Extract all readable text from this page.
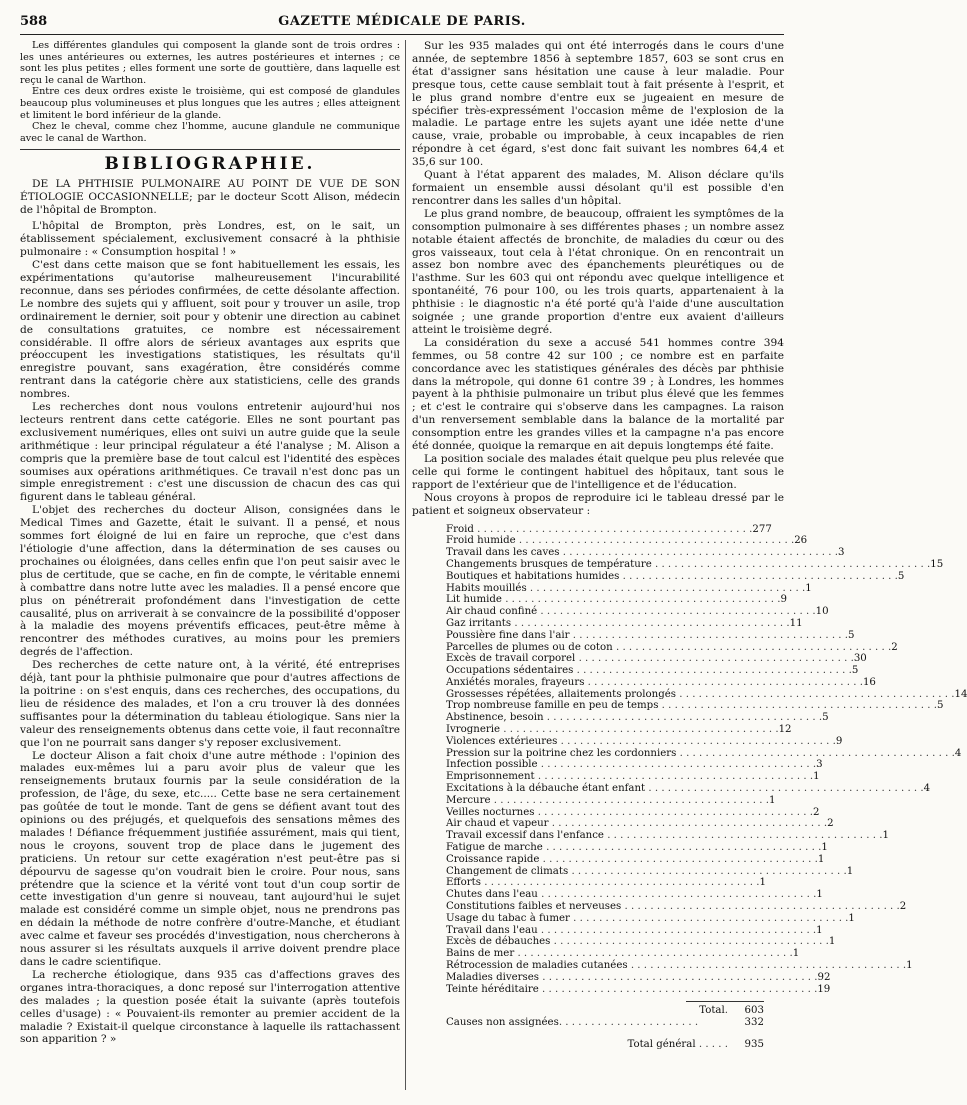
588	GAZETTE MÉDICALE DE PARIS.

Les différentes glandules qui composent la glande sont de trois ordres : les unes antérieures ou externes, les autres postérieures et internes ; ce sont les plus petites ; elles forment une sorte de gouttière, dans laquelle est reçu le canal de Warthon.

Entre ces deux ordres existe le troisième, qui est composé de glandules beaucoup plus volumineuses et plus longues que les autres ; elles atteignent et limitent le bord inférieur de la glande.

Chez le cheval, comme chez l'homme, aucune glandule ne communique avec le canal de Warthon.

BIBLIOGRAPHIE.
DE LA PHTHISIE PULMONAIRE AU POINT DE VUE DE SON ÉTIOLOGIE OCCASIONNELLE; par le docteur Scott Alison, médecin de l'hôpital de Brompton.

L'hôpital de Brompton, près Londres, est, on le sait, un établissement spécialement, exclusivement consacré à la phthisie pulmonaire : « Consumption hospital ! »

C'est dans cette maison que se font habituellement les essais, les expérimentations qu'autorise malheureusement l'incurabilité reconnue, dans ses périodes confirmées, de cette désolante affection. Le nombre des sujets qui y affluent, soit pour y trouver un asile, trop ordinairement le dernier, soit pour y obtenir une direction au cabinet de consultations gratuites, ce nombre est nécessairement considérable. Il offre alors de sérieux avantages aux esprits que préoccupent les investigations statistiques, les résultats qu'il enregistre pouvant, sans exagération, être considérés comme rentrant dans la catégorie chère aux statisticiens, celle des grands nombres.

Les recherches dont nous voulons entretenir aujourd'hui nos lecteurs rentrent dans cette catégorie. Elles ne sont pourtant pas exclusivement numériques, elles ont suivi un autre guide que la seule arithmétique : leur principal régulateur a été l'analyse ; M. Alison a compris que la première base de tout calcul est l'identité des espèces soumises aux opérations arithmétiques. Ce travail n'est donc pas un simple enregistrement : c'est une discussion de chacun des cas qui figurent dans le tableau général.

L'objet des recherches du docteur Alison, consignées dans le Medical Times and Gazette, était le suivant. Il a pensé, et nous sommes fort éloigné de lui en faire un reproche, que c'est dans l'étiologie d'une affection, dans la détermination de ses causes ou prochaines ou éloignées, dans celles enfin que l'on peut saisir avec le plus de certitude, que se cache, en fin de compte, le véritable ennemi à combattre dans notre lutte avec les maladies. Il a pensé encore que plus on pénétrerait profondément dans l'investigation de cette causalité, plus on arriverait à se convaincre de la possibilité d'opposer à la maladie des moyens préventifs efficaces, peut-être même à rencontrer des méthodes curatives, au moins pour les premiers degrés de l'affection.

Des recherches de cette nature ont, à la vérité, été entreprises déjà, tant pour la phthisie pulmonaire que pour d'autres affections de la poitrine : on s'est enquis, dans ces recherches, des occupations, du lieu de résidence des malades, et l'on a cru trouver là des données suffisantes pour la détermination du tableau étiologique. Sans nier la valeur des renseignements obtenus dans cette voie, il faut reconnaître que l'on ne pourrait sans danger s'y reposer exclusivement.

Le docteur Alison a fait choix d'une autre méthode : l'opinion des malades eux-mêmes lui a paru avoir plus de valeur que les renseignements brutaux fournis par la seule considération de la profession, de l'âge, du sexe, etc..... Cette base ne sera certainement pas goûtée de tout le monde. Tant de gens se défient avant tout des opinions ou des préjugés, et quelquefois des sensations mêmes des malades ! Défiance fréquemment justifiée assurément, mais qui tient, nous le croyons, souvent trop de place dans le jugement des praticiens. Un retour sur cette exagération n'est peut-être pas si dépourvu de sagesse qu'on voudrait bien le croire. Pour nous, sans prétendre que la science et la vérité vont tout d'un coup sortir de cette investigation d'un genre si nouveau, tant aujourd'hui le sujet malade est considéré comme un simple objet, nous ne prendrons pas en dédain la méthode de notre confrère d'outre-Manche, et étudiant avec calme et faveur ses procédés d'investigation, nous chercherons à nous assurer si les résultats auxquels il arrive doivent prendre place dans le cadre scientifique.

La recherche étiologique, dans 935 cas d'affections graves des organes intra-thoraciques, a donc reposé sur l'interrogation attentive des malades ; la question posée était la suivante (après toutefois celles d'usage) : « Pouvaient-ils remonter au premier accident de la maladie ? Existait-il quelque circonstance à laquelle ils rattachassent son apparition ? »

Sur les 935 malades qui ont été interrogés dans le cours d'une année, de septembre 1856 à septembre 1857, 603 se sont crus en état d'assigner sans hésitation une cause à leur maladie. Pour presque tous, cette cause semblait tout à fait présente à l'esprit, et le plus grand nombre d'entre eux se jugeaient en mesure de spécifier très-expressément l'occasion même de l'explosion de la maladie. Le partage entre les sujets ayant une idée nette d'une cause, vraie, probable ou improbable, à ceux incapables de rien répondre à cet égard, s'est donc fait suivant les nombres 64,4 et 35,6 sur 100.

Quant à l'état apparent des malades, M. Alison déclare qu'ils formaient un ensemble aussi désolant qu'il est possible d'en rencontrer dans les salles d'un hôpital.

Le plus grand nombre, de beaucoup, offraient les symptômes de la consomption pulmonaire à ses différentes phases ; un nombre assez notable étaient affectés de bronchite, de maladies du cœur ou des gros vaisseaux, tout cela à l'état chronique. On en rencontrait un assez bon nombre avec des épanchements pleurétiques ou de l'asthme. Sur les 603 qui ont répondu avec quelque intelligence et spontanéité, 76 pour 100, ou les trois quarts, appartenaient à la phthisie : le diagnostic n'a été porté qu'à l'aide d'une auscultation soignée ; une grande proportion d'entre eux avaient d'ailleurs atteint le troisième degré.

La considération du sexe a accusé 541 hommes contre 394 femmes, ou 58 contre 42 sur 100 ; ce nombre est en parfaite concordance avec les statistiques générales des décès par phthisie dans la métropole, qui donne 61 contre 39 ; à Londres, les hommes payent à la phthisie pulmonaire un tribut plus élevé que les femmes ; et c'est le contraire qui s'observe dans les campagnes. La raison d'un renversement semblable dans la balance de la mortalité par consomption entre les grandes villes et la campagne n'a pas encore été donnée, quoique la remarque en ait depuis longtemps été faite.

La position sociale des malades était quelque peu plus relevée que celle qui forme le contingent habituel des hôpitaux, tant sous le rapport de l'extérieur que de l'intelligence et de l'éducation.

Nous croyons à propos de reproduire ici le tableau dressé par le patient et soigneux observateur :

Froid . . . . . . . . . . . . . . . . . . . . . . . . . . . . . . . . . . . . . . . . . . . 277
Froid humide . . . . . . . . . . . . . . . . . . . . . . . . . . . . . . . . . . . . . . . . . . . 26
Travail dans les caves . . . . . . . . . . . . . . . . . . . . . . . . . . . . . . . . . . . . . . . . . . . 3
Changements brusques de température . . . . . . . . . . . . . . . . . . . . . . . . . . . . . . . . . . . . . . . . . . . 15
Boutiques et habitations humides . . . . . . . . . . . . . . . . . . . . . . . . . . . . . . . . . . . . . . . . . . . 5
Habits mouillés . . . . . . . . . . . . . . . . . . . . . . . . . . . . . . . . . . . . . . . . . . . 1
Lit humide . . . . . . . . . . . . . . . . . . . . . . . . . . . . . . . . . . . . . . . . . . . 9
Air chaud confiné . . . . . . . . . . . . . . . . . . . . . . . . . . . . . . . . . . . . . . . . . . . 10
Gaz irritants . . . . . . . . . . . . . . . . . . . . . . . . . . . . . . . . . . . . . . . . . . . 11
Poussière fine dans l'air . . . . . . . . . . . . . . . . . . . . . . . . . . . . . . . . . . . . . . . . . . . 5
Parcelles de plumes ou de coton . . . . . . . . . . . . . . . . . . . . . . . . . . . . . . . . . . . . . . . . . . . 2
Excès de travail corporel . . . . . . . . . . . . . . . . . . . . . . . . . . . . . . . . . . . . . . . . . . . 30
Occupations sédentaires . . . . . . . . . . . . . . . . . . . . . . . . . . . . . . . . . . . . . . . . . . . 5
Anxiétés morales, frayeurs . . . . . . . . . . . . . . . . . . . . . . . . . . . . . . . . . . . . . . . . . . . 16
Grossesses répétées, allaitements prolongés . . . . . . . . . . . . . . . . . . . . . . . . . . . . . . . . . . . . . . . . . . . 14
Trop nombreuse famille en peu de temps . . . . . . . . . . . . . . . . . . . . . . . . . . . . . . . . . . . . . . . . . . . 5
Abstinence, besoin . . . . . . . . . . . . . . . . . . . . . . . . . . . . . . . . . . . . . . . . . . . 5
Ivrognerie . . . . . . . . . . . . . . . . . . . . . . . . . . . . . . . . . . . . . . . . . . . 12
Violences extérieures . . . . . . . . . . . . . . . . . . . . . . . . . . . . . . . . . . . . . . . . . . . 9
Pression sur la poitrine chez les cordonniers . . . . . . . . . . . . . . . . . . . . . . . . . . . . . . . . . . . . . . . . . . . 4
Infection possible . . . . . . . . . . . . . . . . . . . . . . . . . . . . . . . . . . . . . . . . . . . 3
Emprisonnement . . . . . . . . . . . . . . . . . . . . . . . . . . . . . . . . . . . . . . . . . . . 1
Excitations à la débauche étant enfant . . . . . . . . . . . . . . . . . . . . . . . . . . . . . . . . . . . . . . . . . . . 4
Mercure . . . . . . . . . . . . . . . . . . . . . . . . . . . . . . . . . . . . . . . . . . . 1
Veilles nocturnes . . . . . . . . . . . . . . . . . . . . . . . . . . . . . . . . . . . . . . . . . . . 2
Air chaud et vapeur . . . . . . . . . . . . . . . . . . . . . . . . . . . . . . . . . . . . . . . . . . . 2
Travail excessif dans l'enfance . . . . . . . . . . . . . . . . . . . . . . . . . . . . . . . . . . . . . . . . . . . 1
Fatigue de marche . . . . . . . . . . . . . . . . . . . . . . . . . . . . . . . . . . . . . . . . . . . 1
Croissance rapide . . . . . . . . . . . . . . . . . . . . . . . . . . . . . . . . . . . . . . . . . . . 1
Changement de climats . . . . . . . . . . . . . . . . . . . . . . . . . . . . . . . . . . . . . . . . . . . 1
Efforts . . . . . . . . . . . . . . . . . . . . . . . . . . . . . . . . . . . . . . . . . . . 1
Chutes dans l'eau . . . . . . . . . . . . . . . . . . . . . . . . . . . . . . . . . . . . . . . . . . . 1
Constitutions faibles et nerveuses . . . . . . . . . . . . . . . . . . . . . . . . . . . . . . . . . . . . . . . . . . . 2
Usage du tabac à fumer . . . . . . . . . . . . . . . . . . . . . . . . . . . . . . . . . . . . . . . . . . . 1
Travail dans l'eau . . . . . . . . . . . . . . . . . . . . . . . . . . . . . . . . . . . . . . . . . . . 1
Excès de débauches . . . . . . . . . . . . . . . . . . . . . . . . . . . . . . . . . . . . . . . . . . . 1
Bains de mer . . . . . . . . . . . . . . . . . . . . . . . . . . . . . . . . . . . . . . . . . . . 1
Rétrocession de maladies cutanées . . . . . . . . . . . . . . . . . . . . . . . . . . . . . . . . . . . . . . . . . . . 1
Maladies diverses . . . . . . . . . . . . . . . . . . . . . . . . . . . . . . . . . . . . . . . . . . . 92
Teinte héréditaire . . . . . . . . . . . . . . . . . . . . . . . . . . . . . . . . . . . . . . . . . . . 19
Total.	603
Causes non assignées. . . . . . . . . . . . . . . . . . . . . .	332
Total général . . . . .	935
